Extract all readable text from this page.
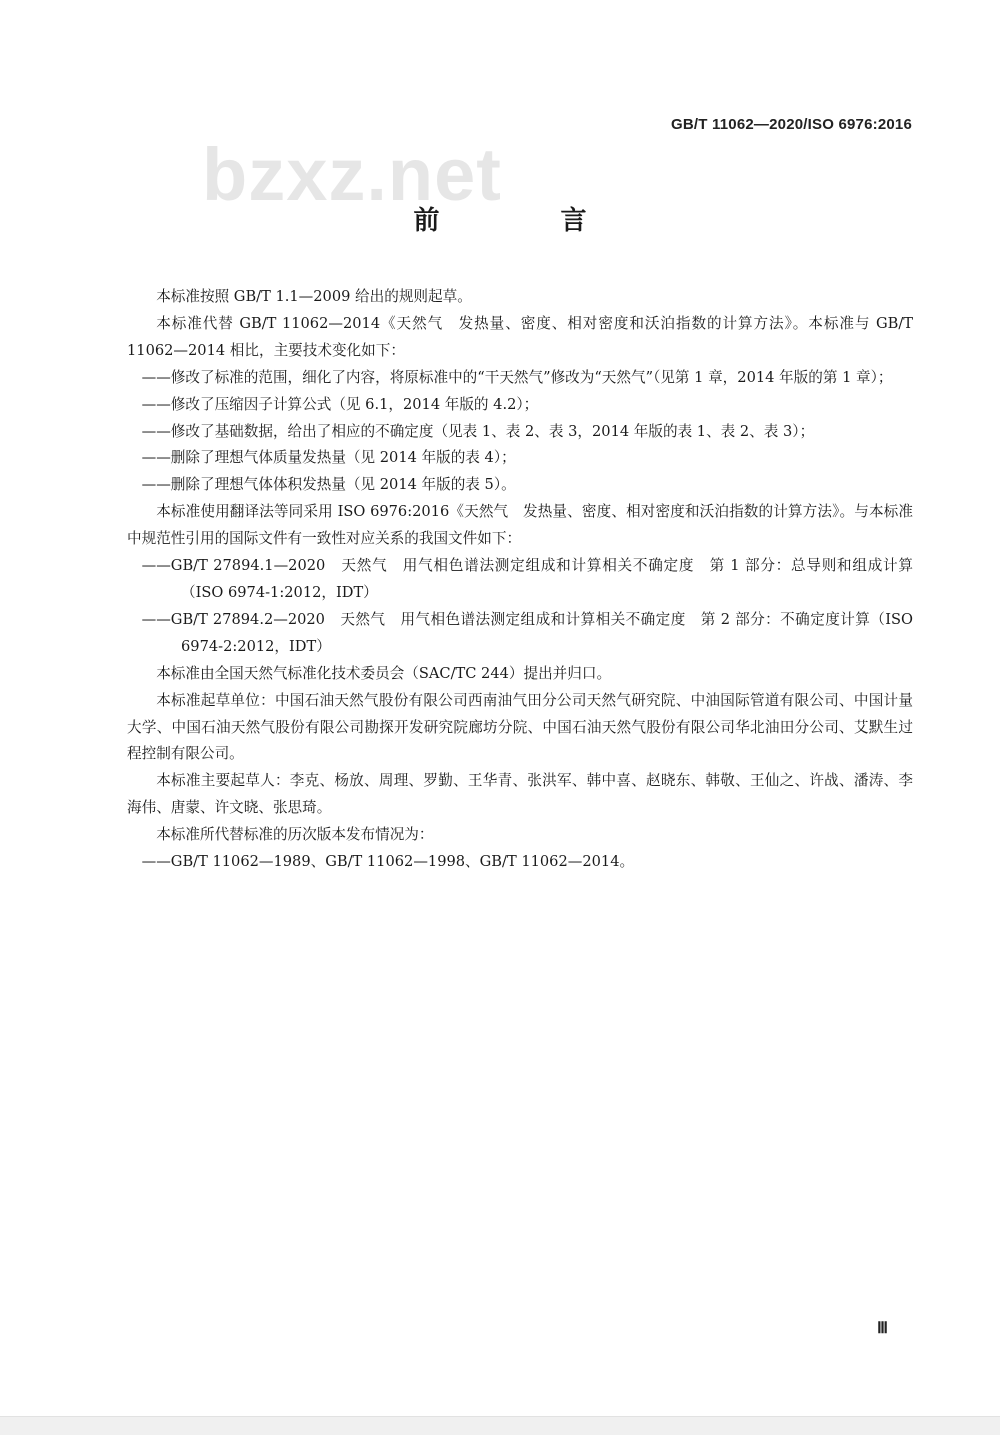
bzxz.net
GB/T 11062—2020/ISO 6976:2016
前 言

本标准按照 GB/T 1.1—2009 给出的规则起草。

本标准代替 GB/T 11062—2014《天然气　发热量、密度、相对密度和沃泊指数的计算方法》。本标准与 GB/T 11062—2014 相比，主要技术变化如下：

——修改了标准的范围，细化了内容，将原标准中的“干天然气”修改为“天然气”（见第 1 章，2014 年版的第 1 章）；

——修改了压缩因子计算公式（见 6.1，2014 年版的 4.2）；

——修改了基础数据，给出了相应的不确定度（见表 1、表 2、表 3，2014 年版的表 1、表 2、表 3）；

——删除了理想气体质量发热量（见 2014 年版的表 4）；

——删除了理想气体体积发热量（见 2014 年版的表 5）。

本标准使用翻译法等同采用 ISO 6976:2016《天然气　发热量、密度、相对密度和沃泊指数的计算方法》。与本标准中规范性引用的国际文件有一致性对应关系的我国文件如下：

——GB/T 27894.1—2020　天然气　用气相色谱法测定组成和计算相关不确定度　第 1 部分：总导则和组成计算（ISO 6974-1:2012，IDT）

——GB/T 27894.2—2020　天然气　用气相色谱法测定组成和计算相关不确定度　第 2 部分：不确定度计算（ISO 6974-2:2012，IDT）

本标准由全国天然气标准化技术委员会（SAC/TC 244）提出并归口。

本标准起草单位：中国石油天然气股份有限公司西南油气田分公司天然气研究院、中油国际管道有限公司、中国计量大学、中国石油天然气股份有限公司勘探开发研究院廊坊分院、中国石油天然气股份有限公司华北油田分公司、艾默生过程控制有限公司。

本标准主要起草人：李克、杨放、周理、罗勤、王华青、张洪军、韩中喜、赵晓东、韩敬、王仙之、许战、潘涛、李海伟、唐蒙、许文晓、张思琦。

本标准所代替标准的历次版本发布情况为：

——GB/T 11062—1989、GB/T 11062—1998、GB/T 11062—2014。

Ⅲ
